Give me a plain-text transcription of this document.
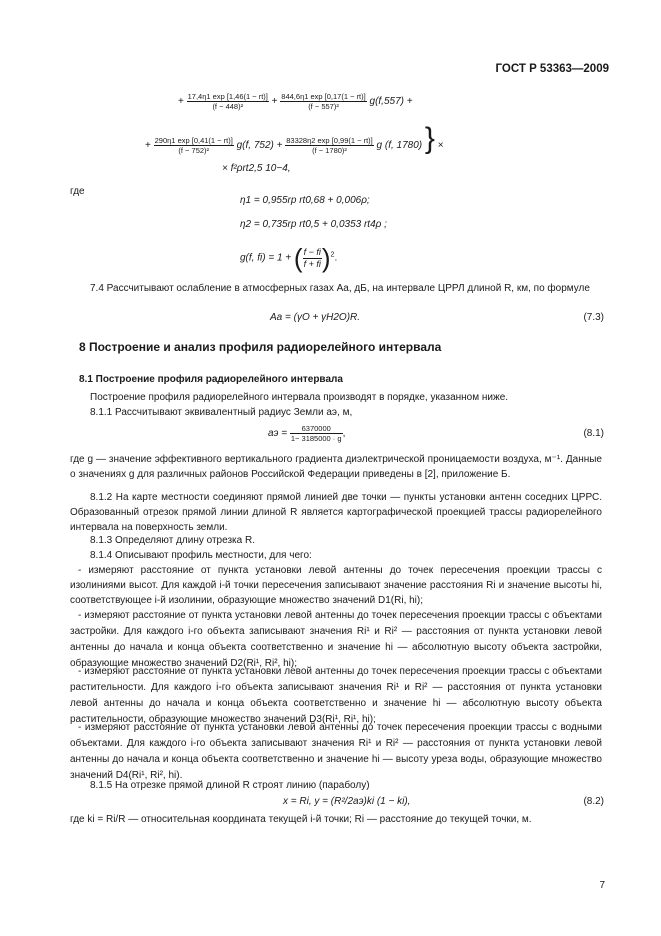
ГОСТ Р 53363—2009
+ $\frac{17,4\eta 1 \exp [1,46(1 - rt)]}{\text{(f − 448)²}} + \frac{844,6\eta 1 \exp [0,17(1 - rt)]}{\text{(f − 557)²}} g(f,557)$ +
+ $\frac{290\eta 1 \exp [0,41(1 - rt)]}{\text{(f − 752)²}} g(f$, $752) + \frac{83328\eta 2 \exp [0,99(1 - rt)]}{\text{(f − 1780)²}}$ g (f, 1780) } ×
× f²ρrt2,5 10−4,
где
η1 = 0,955rp rt0,68 + 0,006ρ;
η2 = 0,735rp rt0,5 + 0,0353 rt4ρ ;
g(f, fi) = 1 + ( $\frac{f - fi}{f + fi} )^2$.
7.4 Рассчитывают ослабление в атмосферных газах Aа, дБ, на интервале ЦРРЛ длиной R, км, по формуле
Aа = (γO + γH2O)R.	(7.3)
8 Построение и анализ профиля радиорелейного интервала
8.1 Построение профиля радиорелейного интервала
Построение профиля радиорелейного интервала производят в порядке, указанном ниже.
8.1.1 Рассчитывают эквивалентный радиус Земли aэ, м,
aэ = $\frac{6370000}{1- 3185000 \cdot g}$ ,	(8.1)
где g — значение эффективного вертикального градиента диэлектрической проницаемости воздуха, м⁻¹. Данные о значениях g для различных районов Российской Федерации приведены в [2], приложение Б.
8.1.2 На карте местности соединяют прямой линией две точки — пункты установки антенн соседних ЦРРС. Образованный отрезок прямой линии длиной R является картографической проекцией трассы радиорелейного интервала на поверхность земли.
8.1.3 Определяют длину отрезка R.
8.1.4 Описывают профиль местности, для чего:
- измеряют расстояние от пункта установки левой антенны до точек пересечения проекции трассы с изолиниями высот. Для каждой i-й точки пересечения записывают значение расстояния Ri и значение высоты hi, соответствующее i-й изолинии, образующие множество значений D1(Ri, hi);
- измеряют расстояние от пункта установки левой антенны до точек пересечения проекции трассы с объектами застройки. Для каждого i-го объекта записывают значения Ri¹ и Ri² — расстояния от пункта установки левой антенны до начала и конца объекта соответственно и значение hi — абсолютную высоту объекта застройки, образующие множество значений D2(Ri¹, Ri², hi);
- измеряют расстояние от пункта установки левой антенны до точек пересечения проекции трассы с объектами растительности. Для каждого i-го объекта записывают значения Ri¹ и Ri² — расстояния от пункта установки левой антенны до начала и конца объекта соответственно и значение hi — абсолютную высоту объекта растительности, образующие множество значений D3(Ri¹, Ri¹, hi);
- измеряют расстояние от пункта установки левой антенны до точек пересечения проекции трассы с водными объектами. Для каждого i-го объекта записывают значения Ri¹ и Ri² — расстояния от пункта установки левой антенны до начала и конца объекта соответственно и значение hi — высоту уреза воды, образующие множество значений D4(Ri¹, Ri², hi).
8.1.5 На отрезке прямой длиной R строят линию (параболу)
x = Ri, y = (R²/2aэ)ki (1 − ki),	(8.2)
где ki = Ri/R — относительная координата текущей i-й точки; Ri — расстояние до текущей точки, м.
7
